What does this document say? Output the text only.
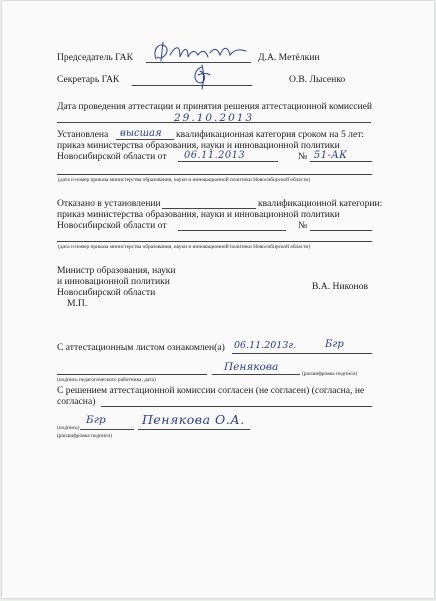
Председатель ГАК	Д.А. Метёлкин
Секретарь ГАК	О.В. Лысенко
Дата проведения аттестации и принятия решения аттестационной комиссией
29.10.2013
Установлена высшая квалификационная категория сроком на 5 лет:
приказ министерства образования, науки и инновационной политики
Новосибирской области от 06.11.2013	№ 51-АК
(дата и номер приказа министерства образования, науки и инновационной политики Новосибирской области)
Отказано в установлении	квалификационной категории:
приказ министерства образования, науки и инновационной политики
Новосибирской области от	№
(дата и номер приказа министерства образования, науки и инновационной политики Новосибирской области)
Министр образования, науки
и инновационной политики
Новосибирской области
М.П.
В.А. Никонов
С аттестационным листом ознакомлен(а) 06.11.2013г.	Бгр
Пенякова
(подпись педагогического работника, дата)
(расшифровка подписи)
С решением аттестационной комиссии согласен (не согласен) (согласна, не
согласна)
(подпись)
Бгр	Пенякова О.А.
(расшифровка подписи)
